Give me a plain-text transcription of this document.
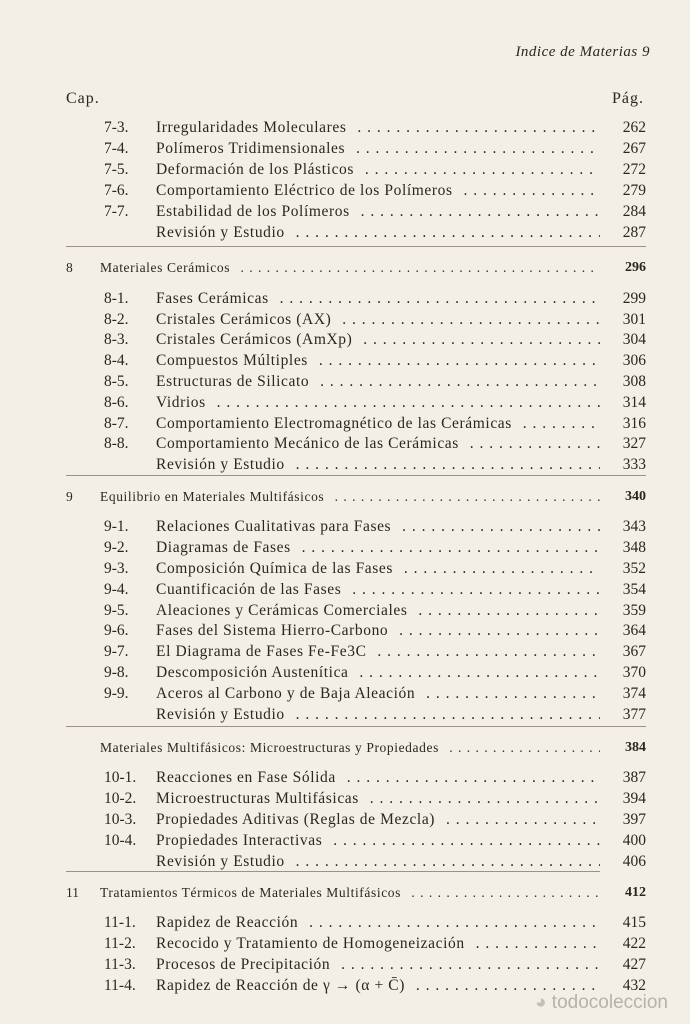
Indice de Materias 9
Cap.	Pág.
7-3.	Irregularidades Moleculares . . .	262
7-4.	Polímeros Tridimensionales . . .	267
7-5.	Deformación de los Plásticos . . .	272
7-6.	Comportamiento Eléctrico de los Polímeros . . .	279
7-7.	Estabilidad de los Polímeros . . .	284
Revisión y Estudio . . .	287
8	Materiales Cerámicos . . .	296
8-1.	Fases Cerámicas . . .	299
8-2.	Cristales Cerámicos (AX) . . .	301
8-3.	Cristales Cerámicos (AmXp) . . .	304
8-4.	Compuestos Múltiples . . .	306
8-5.	Estructuras de Silicato . . .	308
8-6.	Vidrios . . .	314
8-7.	Comportamiento Electromagnético de las Cerámicas . . .	316
8-8.	Comportamiento Mecánico de las Cerámicas . . .	327
Revisión y Estudio . . .	333
9	Equilibrio en Materiales Multifásicos . . .	340
9-1.	Relaciones Cualitativas para Fases . . .	343
9-2.	Diagramas de Fases . . .	348
9-3.	Composición Química de las Fases . . .	352
9-4.	Cuantificación de las Fases . . .	354
9-5.	Aleaciones y Cerámicas Comerciales . . .	359
9-6.	Fases del Sistema Hierro-Carbono . . .	364
9-7.	El Diagrama de Fases Fe-Fe3C . . .	367
9-8.	Descomposición Austenítica . . .	370
9-9.	Aceros al Carbono y de Baja Aleación . . .	374
Revisión y Estudio . . .	377
Materiales Multifásicos: Microestructuras y Propiedades . . .	384
10-1.	Reacciones en Fase Sólida . . .	387
10-2.	Microestructuras Multifásicas . . .	394
10-3.	Propiedades Aditivas (Reglas de Mezcla) . . .	397
10-4.	Propiedades Interactivas . . .	400
Revisión y Estudio . . .	406
11	Tratamientos Térmicos de Materiales Multifásicos . . .	412
11-1.	Rapidez de Reacción . . .	415
11-2.	Recocido y Tratamiento de Homogeneización . . .	422
11-3.	Procesos de Precipitación . . .	427
11-4.	Rapidez de Reacción de γ → (α + C̄) . . .	432
◕ todocoleccion
